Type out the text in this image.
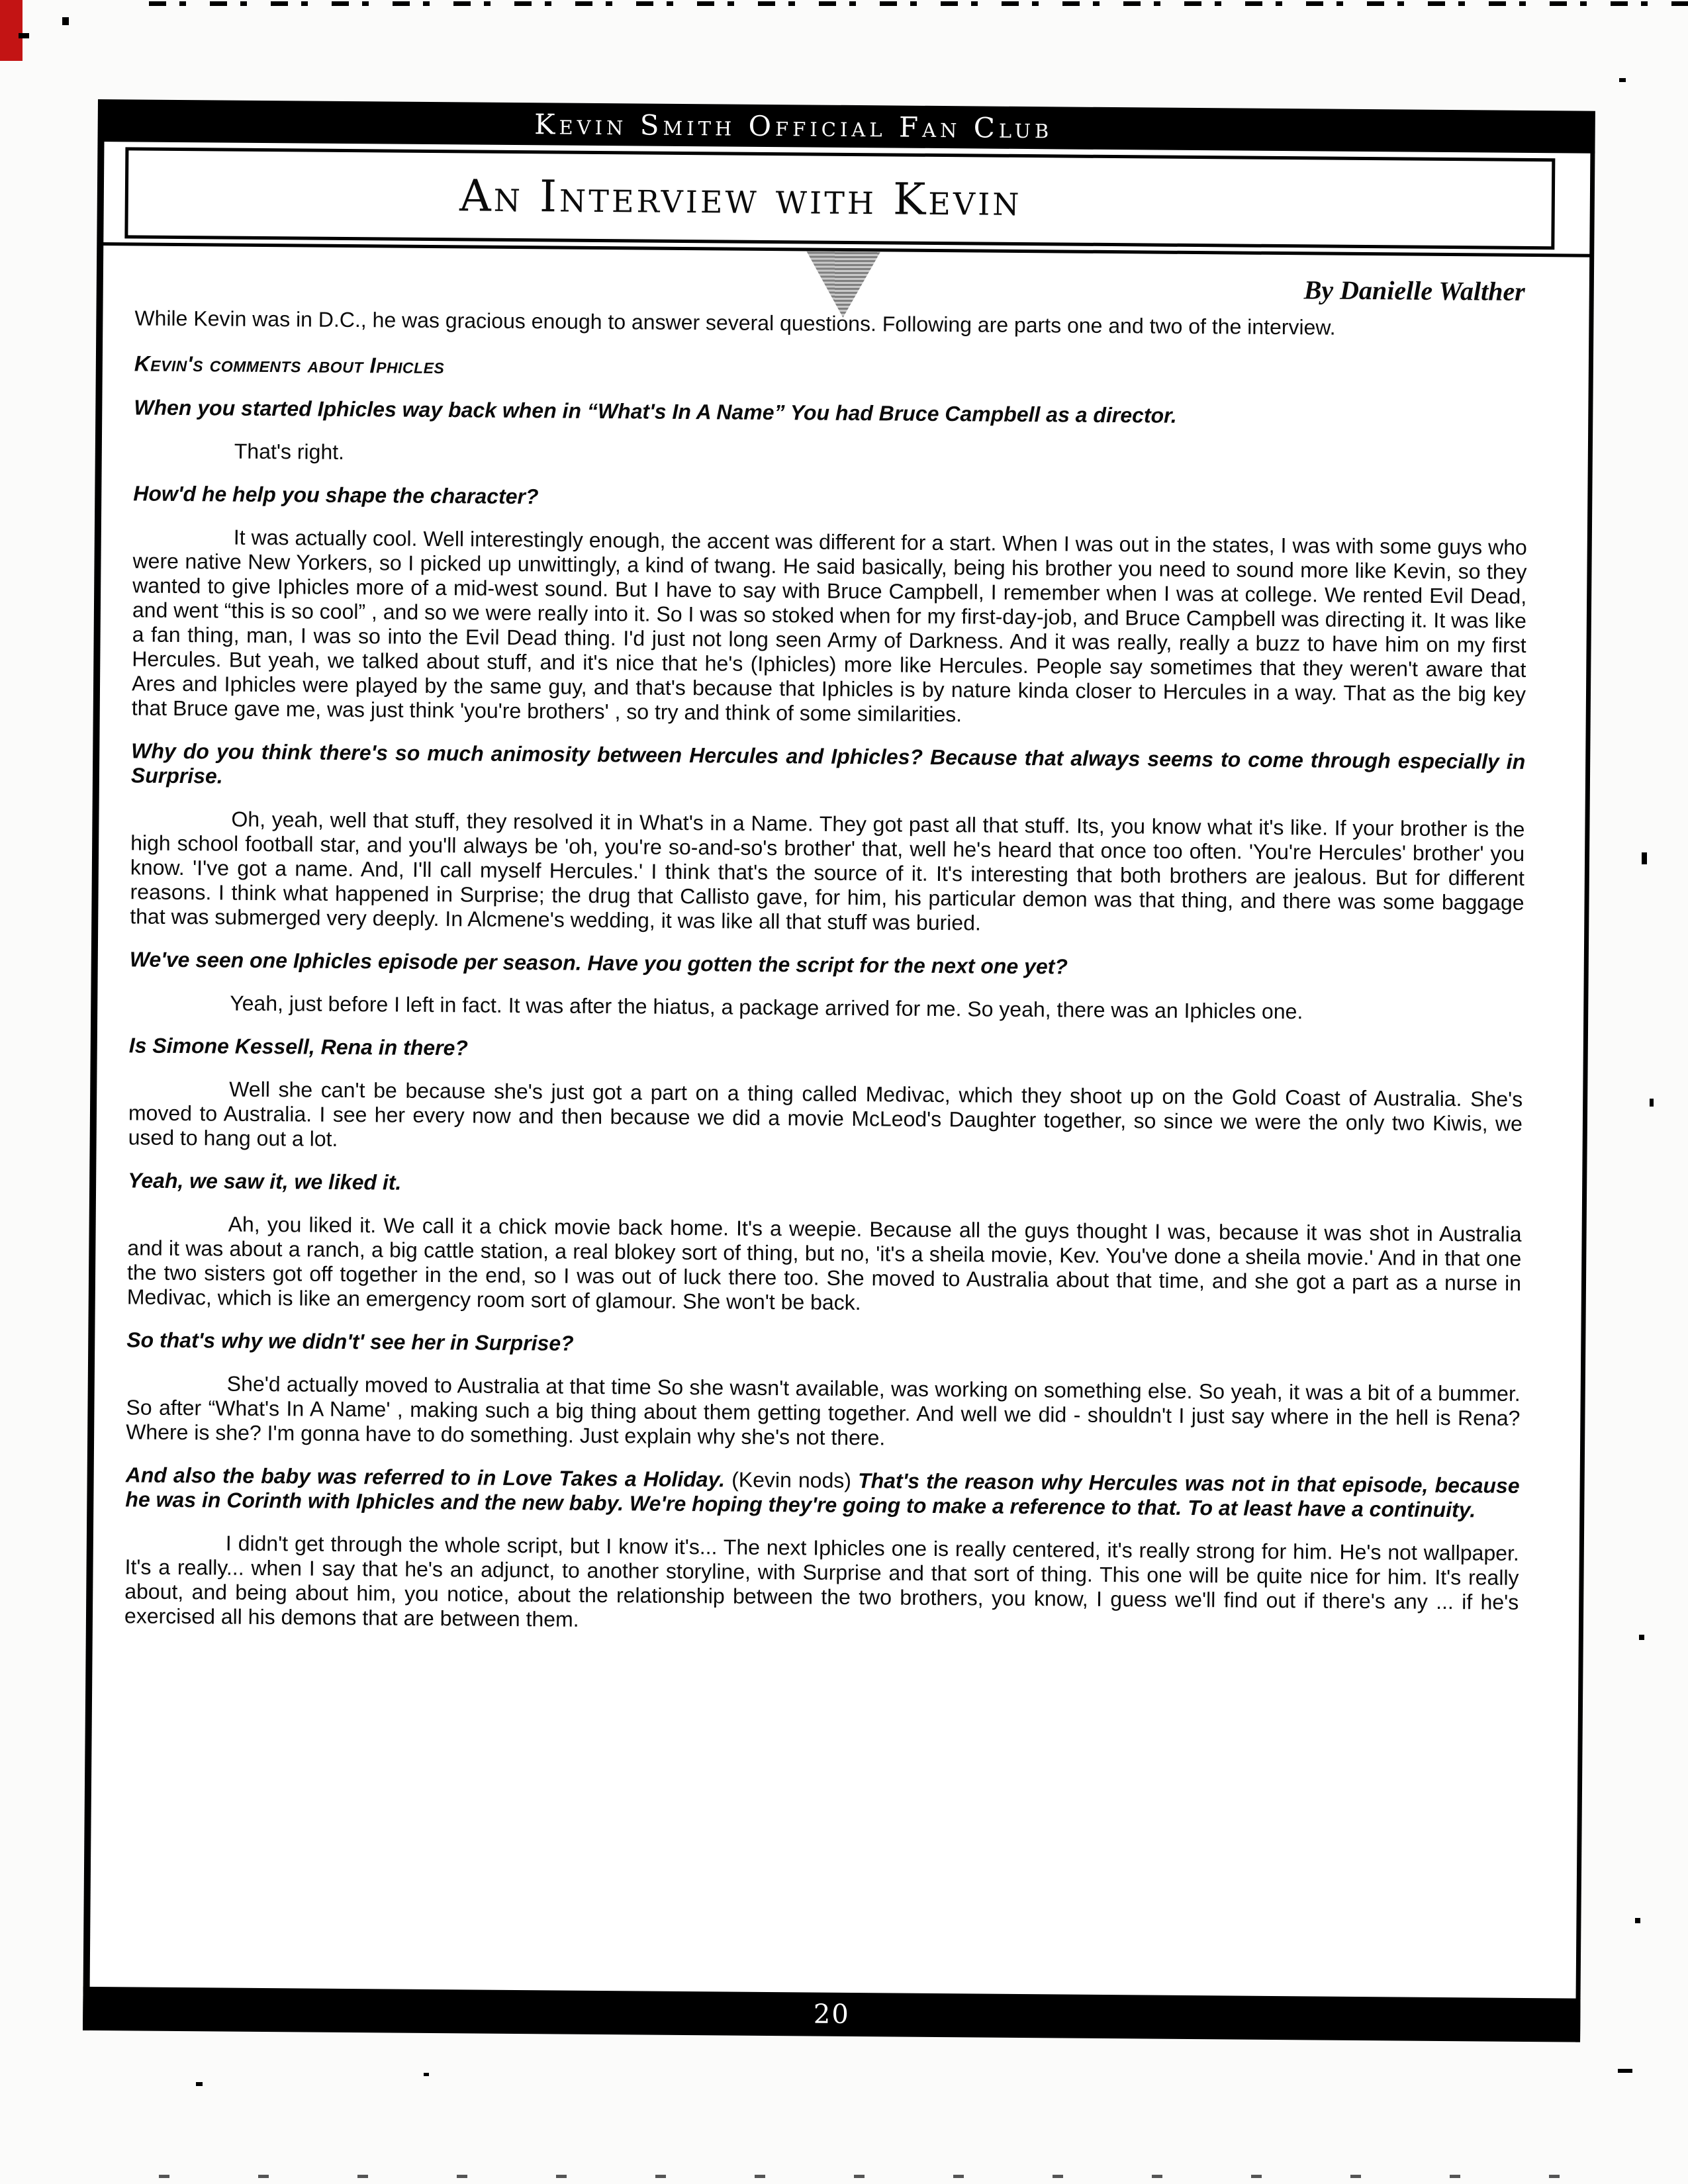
Kevin Smith Official Fan Club
An Interview with Kevin
By Danielle Walther

While Kevin was in D.C., he was gracious enough to answer several questions. Following are parts one and two of the interview.

Kevin's comments about Iphicles

When you started Iphicles way back when in “What's In A Name” You had Bruce Campbell as a director.

That's right.

How'd he help you shape the character?

It was actually cool. Well interestingly enough, the accent was different for a start. When I was out in the states, I was with some guys who were native New Yorkers, so I picked up unwittingly, a kind of twang. He said basically, being his brother you need to sound more like Kevin, so they wanted to give Iphicles more of a mid-west sound. But I have to say with Bruce Campbell, I remember when I was at college. We rented Evil Dead, and went “this is so cool” , and so we were really into it. So I was so stoked when for my first-day-job, and Bruce Campbell was directing it. It was like a fan thing, man, I was so into the Evil Dead thing. I'd just not long seen Army of Darkness. And it was really, really a buzz to have him on my first Hercules. But yeah, we talked about stuff, and it's nice that he's (Iphicles) more like Hercules. People say sometimes that they weren't aware that Ares and Iphicles were played by the same guy, and that's because that Iphicles is by nature kinda closer to Hercules in a way. That as the big key that Bruce gave me, was just think 'you're brothers' , so try and think of some similarities.

Why do you think there's so much animosity between Hercules and Iphicles? Because that always seems to come through especially in Surprise.

Oh, yeah, well that stuff, they resolved it in What's in a Name. They got past all that stuff. Its, you know what it's like. If your brother is the high school football star, and you'll always be 'oh, you're so-and-so's brother' that, well he's heard that once too often. 'You're Hercules' brother' you know. 'I've got a name. And, I'll call myself Hercules.' I think that's the source of it. It's interesting that both brothers are jealous. But for different reasons. I think what happened in Surprise; the drug that Callisto gave, for him, his particular demon was that thing, and there was some baggage that was submerged very deeply. In Alcmene's wedding, it was like all that stuff was buried.

We've seen one Iphicles episode per season. Have you gotten the script for the next one yet?

Yeah, just before I left in fact. It was after the hiatus, a package arrived for me. So yeah, there was an Iphicles one.

Is Simone Kessell, Rena in there?

Well she can't be because she's just got a part on a thing called Medivac, which they shoot up on the Gold Coast of Australia. She's moved to Australia. I see her every now and then because we did a movie McLeod's Daughter together, so since we were the only two Kiwis, we used to hang out a lot.

Yeah, we saw it, we liked it.

Ah, you liked it. We call it a chick movie back home. It's a weepie. Because all the guys thought I was, because it was shot in Australia and it was about a ranch, a big cattle station, a real blokey sort of thing, but no, 'it's a sheila movie, Kev. You've done a sheila movie.' And in that one the two sisters got off together in the end, so I was out of luck there too. She moved to Australia about that time, and she got a part as a nurse in Medivac, which is like an emergency room sort of glamour. She won't be back.

So that's why we didn't' see her in Surprise?

She'd actually moved to Australia at that time So she wasn't available, was working on something else. So yeah, it was a bit of a bummer. So after “What's In A Name' , making such a big thing about them getting together. And well we did - shouldn't I just say where in the hell is Rena? Where is she? I'm gonna have to do something. Just explain why she's not there.

And also the baby was referred to in Love Takes a Holiday. (Kevin nods) That's the reason why Hercules was not in that episode, because he was in Corinth with Iphicles and the new baby. We're hoping they're going to make a reference to that. To at least have a continuity.

I didn't get through the whole script, but I know it's... The next Iphicles one is really centered, it's really strong for him. He's not wallpaper. It's a really... when I say that he's an adjunct, to another storyline, with Surprise and that sort of thing. This one will be quite nice for him. It's really about, and being about him, you notice, about the relationship between the two brothers, you know, I guess we'll find out if there's any ... if he's exercised all his demons that are between them.

20
